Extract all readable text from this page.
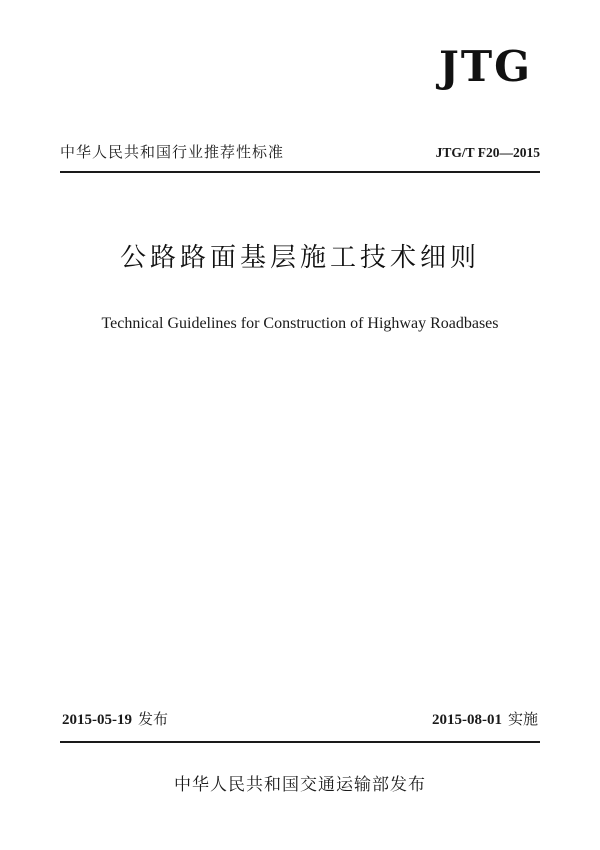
JTG
中华人民共和国行业推荐性标准	JTG/T F20—2015
公路路面基层施工技术细则
Technical Guidelines for Construction of Highway Roadbases
2015-05-19 发布	2015-08-01 实施
中华人民共和国交通运输部发布
